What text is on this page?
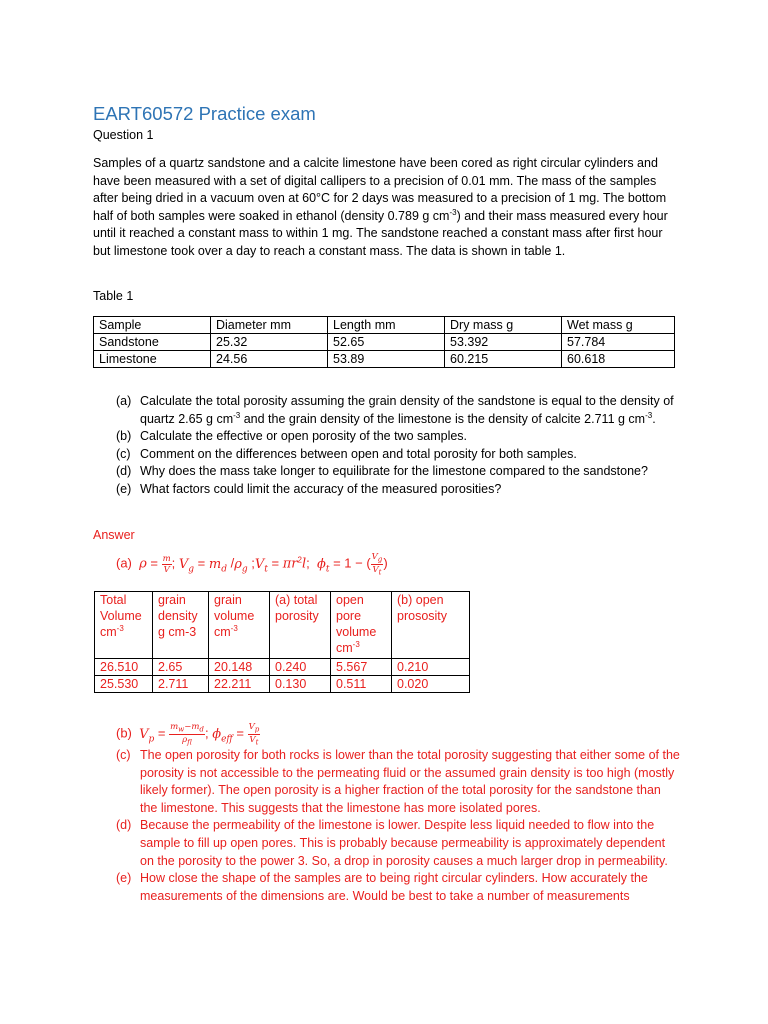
EART60572 Practice exam
Question 1
Samples of a quartz sandstone and a calcite limestone have been cored as right circular cylinders and have been measured with a set of digital callipers to a precision of 0.01 mm. The mass of the samples after being dried in a vacuum oven at 60°C for 2 days was measured to a precision of 1 mg. The bottom half of both samples were soaked in ethanol (density 0.789 g $cm^{-3}$) and their mass measured every hour until it reached a constant mass to within 1 mg. The sandstone reached a constant mass after first hour but limestone took over a day to reach a constant mass. The data is shown in table 1.
Table 1
Sample	Diameter mm	Length mm	Dry mass g	Wet mass g
Sandstone	25.32	52.65	53.392	57.784
Limestone	24.56	53.89	60.215	60.618
(a) Calculate the total porosity assuming the grain density of the sandstone is equal to the density of quartz 2.65 g $cm^{-3}$ and the grain density of the limestone is the density of calcite 2.711 g $cm^{-3}$.
(b) Calculate the effective or open porosity of the two samples.
(c) Comment on the differences between open and total porosity for both samples.
(d) Why does the mass take longer to equilibrate for the limestone compared to the sandstone?
(e) What factors could limit the accuracy of the measured porosities?
Answer
(a) $\rho = \frac{m}{V}$ ; $V_g = m_d$ $/\rho_g$ $;V_t = \pi r^2l$;  $\phi_t = 1$ − ( $\frac{V_g}{V_t}$ )
Total Volume $cm^{-3}$	grain density g cm-3	grain volume $cm^{-3}$	(a) total porosity	open pore volume $cm^{-3}$	(b) open prososity
26.510	2.65	20.148	0.240	5.567	0.210
25.530	2.711	22.211	0.130	0.511	0.020
(b) $V_p = \frac{m_w-m_d}{\rho_{fl}}$ ; $\phi_{eff} = \frac{V_p}{V_t}$
(c) The open porosity for both rocks is lower than the total porosity suggesting that either some of the porosity is not accessible to the permeating fluid or the assumed grain density is too high (mostly likely former). The open porosity is a higher fraction of the total porosity for the sandstone than the limestone. This suggests that the limestone has more isolated pores.
(d) Because the permeability of the limestone is lower. Despite less liquid needed to flow into the sample to fill up open pores. This is probably because permeability is approximately dependent on the porosity to the power 3. So, a drop in porosity causes a much larger drop in permeability.
(e) How close the shape of the samples are to being right circular cylinders. How accurately the measurements of the dimensions are. Would be best to take a number of measurements
